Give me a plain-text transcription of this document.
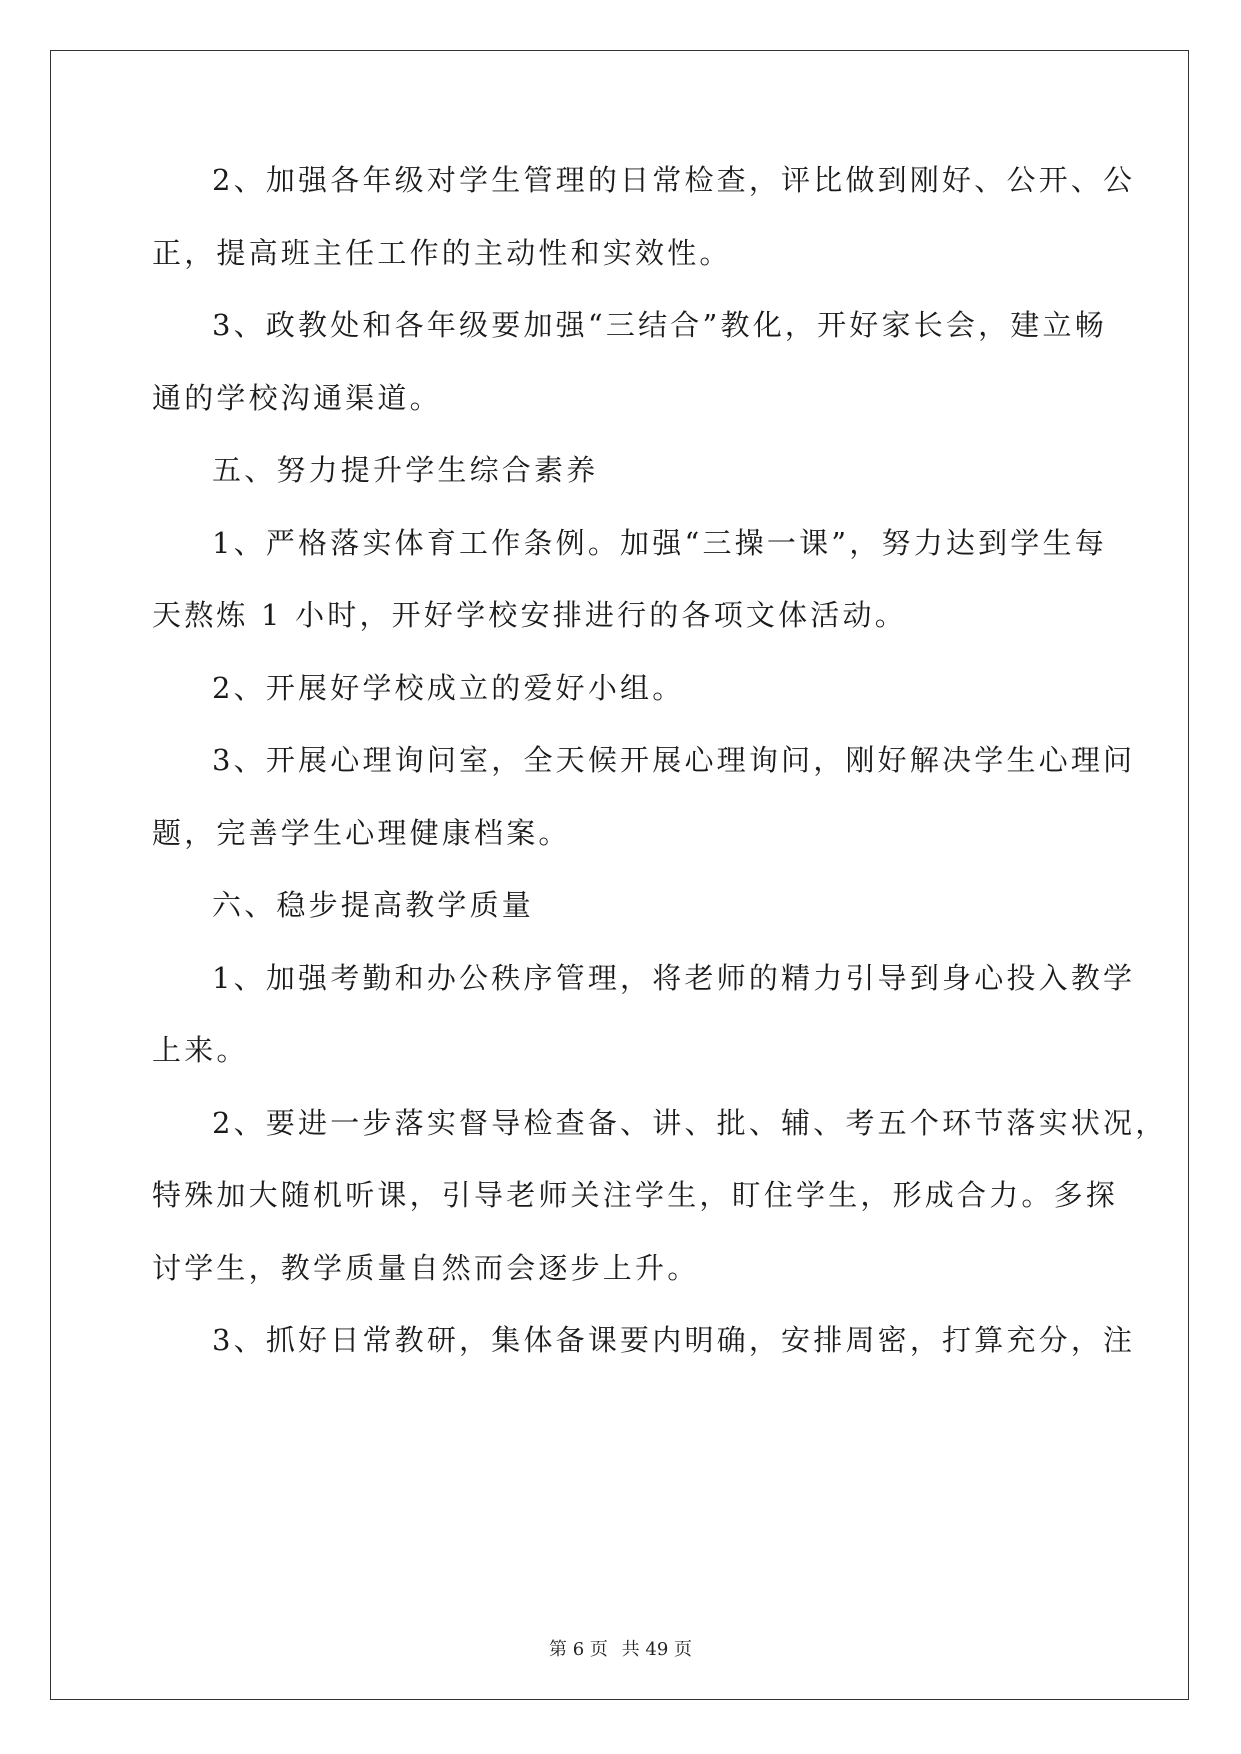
2、加强各年级对学生管理的日常检查，评比做到刚好、公开、公
正，提高班主任工作的主动性和实效性。
3、政教处和各年级要加强“三结合”教化，开好家长会，建立畅
通的学校沟通渠道。
五、努力提升学生综合素养
1、严格落实体育工作条例。加强“三操一课”，努力达到学生每
天熬炼 1 小时，开好学校安排进行的各项文体活动。
2、开展好学校成立的爱好小组。
3、开展心理询问室，全天候开展心理询问，刚好解决学生心理问
题，完善学生心理健康档案。
六、稳步提高教学质量
1、加强考勤和办公秩序管理，将老师的精力引导到身心投入教学
上来。
2、要进一步落实督导检查备、讲、批、辅、考五个环节落实状况，
特殊加大随机听课，引导老师关注学生，盯住学生，形成合力。多探
讨学生，教学质量自然而会逐步上升。
3、抓好日常教研，集体备课要内明确，安排周密，打算充分，注
第 6 页 共 49 页
